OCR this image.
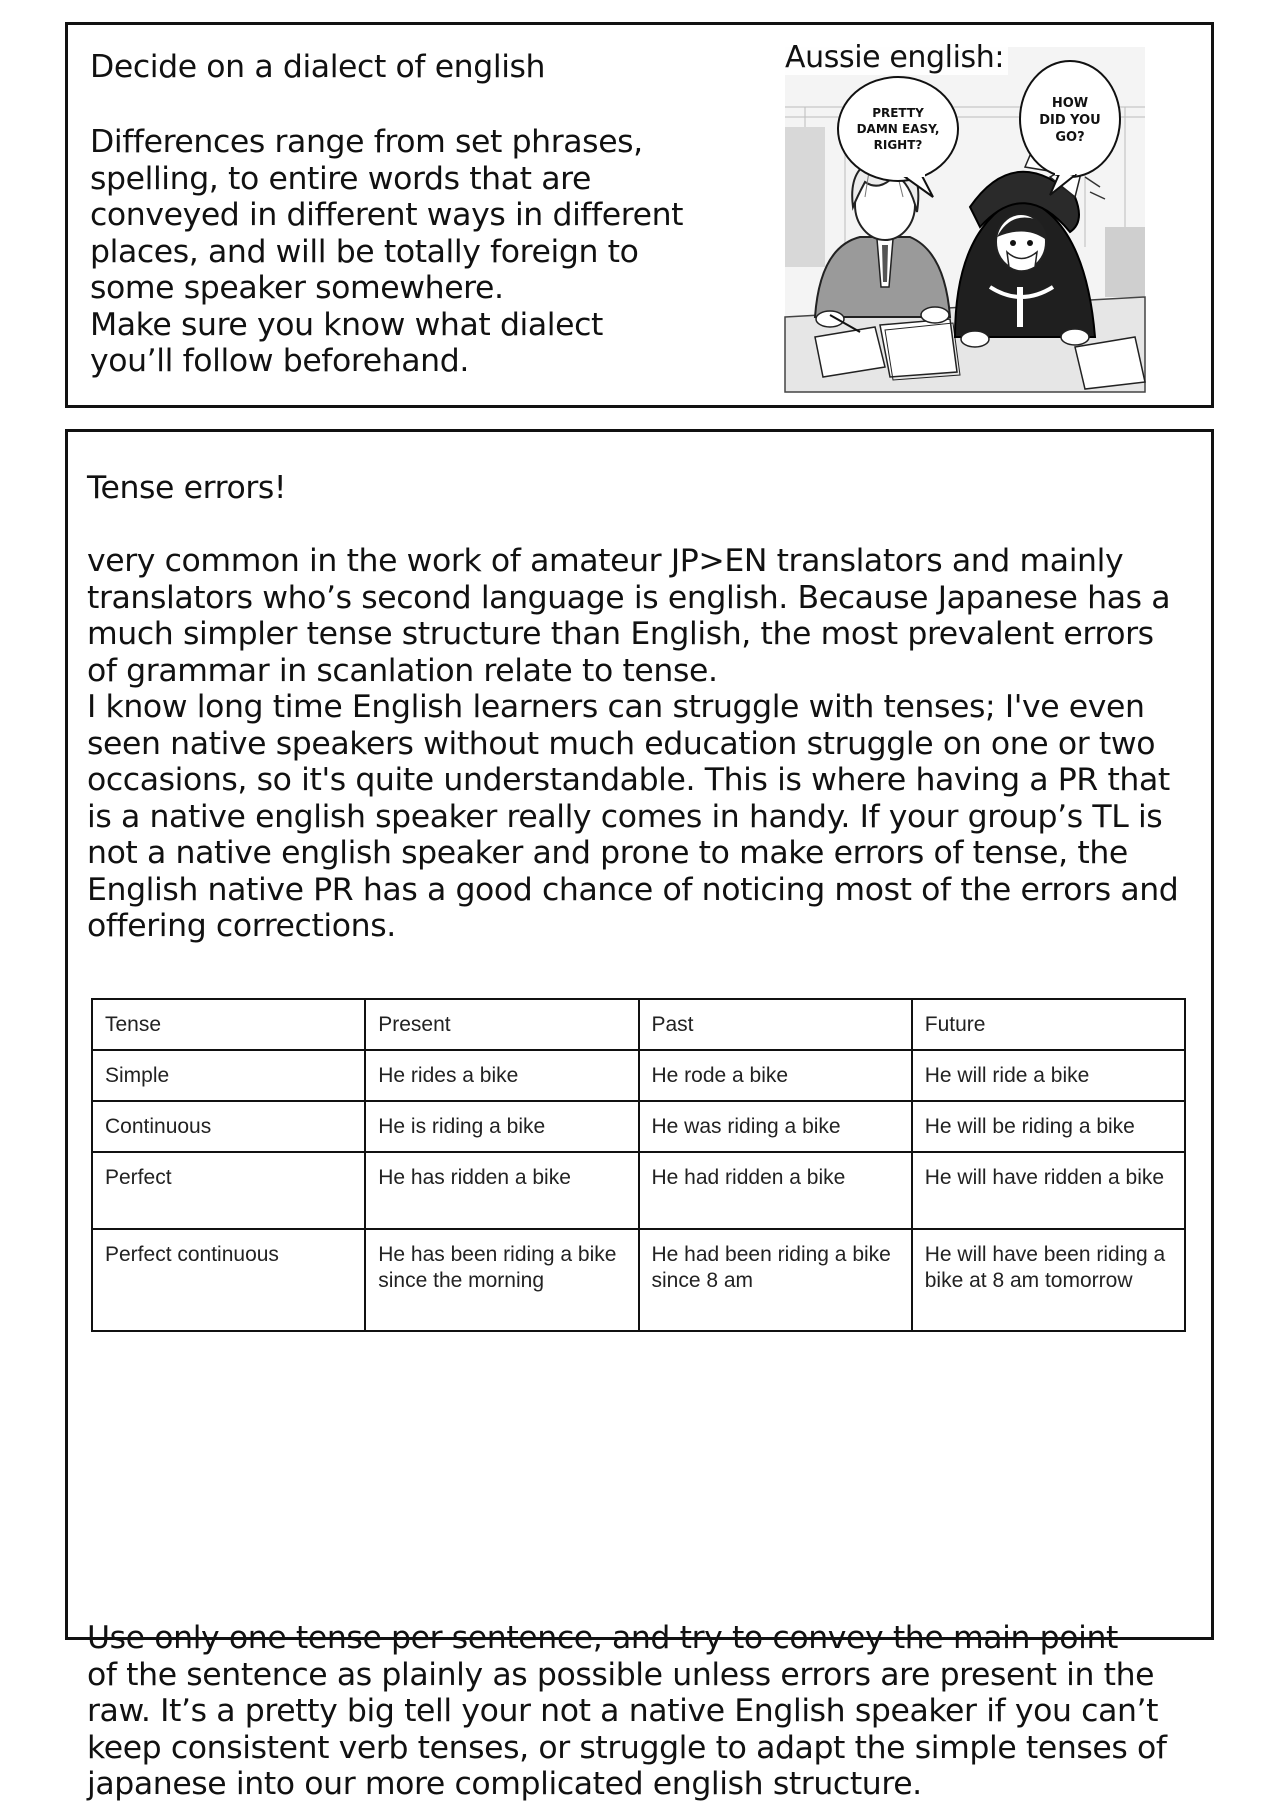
Decide on a dialect of english

Differences range from set phrases,

spelling, to entire words that are

conveyed in different ways in different

places, and will be totally foreign to

some speaker somewhere.

Make sure you know what dialect

you’ll follow beforehand.

Aussie english:
PRETTY
DAMN EASY,
RIGHT?
HOW
DID YOU
GO?
Tense errors!

very common in the work of amateur JP>EN translators and mainly

translators who’s second language is english. Because Japanese has a

much simpler tense structure than English, the most prevalent errors

of grammar in scanlation relate to tense.

I know long time English learners can struggle with tenses; I've even

seen native speakers without much education struggle on one or two

occasions, so it's quite understandable. This is where having a PR that

is a native english speaker really comes in handy. If your group’s TL is

not a native english speaker and prone to make errors of tense, the

English native PR has a good chance of noticing most of the errors and

offering corrections.

Tense	Present	Past	Future
Simple	He rides a bike	He rode a bike	He will ride a bike
Continuous	He is riding a bike	He was riding a bike	He will be riding a bike
Perfect	He has ridden a bike	He had ridden a bike	He will have ridden a bike
Perfect continuous	He has been riding a bike since the morning	He had been riding a bike since 8 am	He will have been riding a bike at 8 am tomorrow

Use only one tense per sentence, and try to convey the main point

of the sentence as plainly as possible unless errors are present in the

raw. It’s a pretty big tell your not a native English speaker if you can’t

keep consistent verb tenses, or struggle to adapt the simple tenses of

japanese into our more complicated english structure.
